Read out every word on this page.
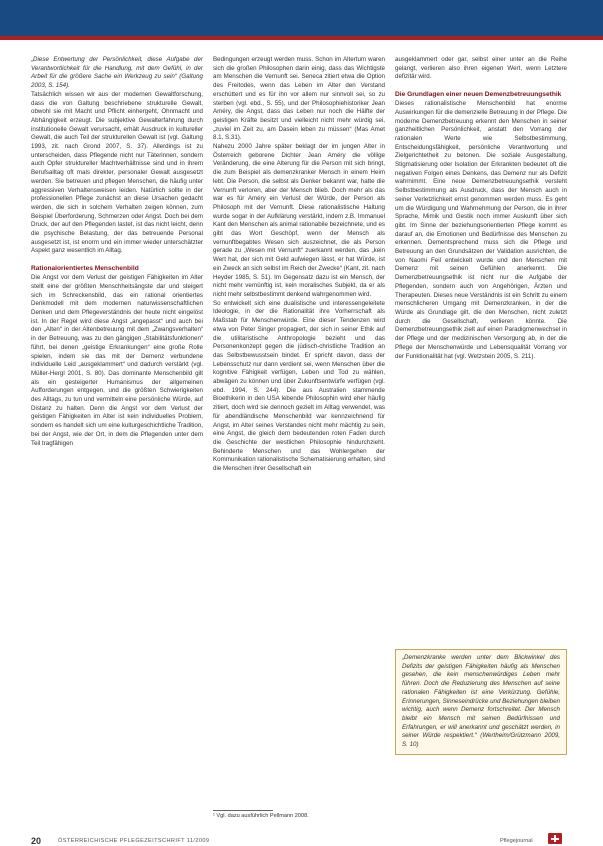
„Diese Entwertung der Persönlichkeit, diese Aufgabe der Verantwortlichkeit für die Handlung, mit dem Gefühl, in der Arbeit für die größere Sache ein Werkzeug zu sein“ (Galtung 2003, S. 154).

Tatsächlich wissen wir aus der modernen Gewaltforschung, dass die von Galtung beschriebene strukturelle Gewalt, obwohl sie mit Macht und Pflicht einhergeht, Ohnmacht und Abhängigkeit erzeugt. Die subjektive Gewalterfahrung durch institutionelle Gewalt verursacht, erhält Ausdruck in kultureller Gewalt, die auch Teil der strukturellen Gewalt ist (vgl. Galtung 1993, zit. nach Grond 2007, S. 37). Allerdings ist zu unterscheiden, dass Pflegende nicht nur Täterinnen, sondern auch Opfer struktureller Machtverhältnisse sind und in ihrem Berufsalltag oft mals direkter, personaler Gewalt ausgesetzt werden. Sie betreuen und pflegen Menschen, die häufig unter aggressiven Verhaltensweisen leiden. Natürlich sollte in der professionellen Pflege zunächst an diese Ursachen gedacht werden, die sich in solchem Verhalten zeigen können, zum Beispiel Überforderung, Schmerzen oder Angst. Doch bei dem Druck, der auf den Pflegenden lastet, ist das nicht leicht, denn die psychische Belastung, der das betreuende Personal ausgesetzt ist, ist enorm und ein immer wieder unterschätzter Aspekt ganz wesentlich im Alltag.

Rationalorientiertes Menschenbild

Die Angst vor dem Verlust der geistigen Fähigkeiten im Alter stellt eine der größten Menschheitsängste dar und steigert sich im Schreckensbild, das ein rational orientiertes Denkmodell mit dem modernen naturwissenschaftlichen Denken und dem Pflegeverständnis der heute nicht eingelöst ist. In der Regel wird diese Angst „angepasst“ und auch bei den „Alten“ in der Altenbetreuung mit dem „Zwangsverhalten“ in der Betreuung, was zu den gängigen „Stabilitätsfunktionen“ führt, bei denen „geistige Erkrankungen“ eine große Rolle spielen, indem sie das mit der Demenz verbundene individuelle Leid „ausgeklammert“ und dadurch verstärkt (vgl. Müller-Hergl 2001, S. 80). Das dominante Menschenbild gilt als ein gesteigerter Humanismus der allgemeinen Aufforderungen entgegen, und die größten Schwierigkeiten des Alltags, zu tun und vermitteln eine persönliche Würde, auf Distanz zu halten. Denn die Angst vor dem Verlust der geistigen Fähigkeiten im Alter ist kein individuelles Problem, sondern es handelt sich um eine kulturgeschichtliche Tradition, bei der Angst, wie der Ort, in dem die Pflegenden unter dem Teil tragfähigen

Bedingungen erzeugt werden muss. Schon im Altertum waren sich die großen Philosophen darin einig, dass das Wichtigste am Menschen die Vernunft sei. Seneca zitiert etwa die Option des Freitodes, wenn das Leben im Alter den Verstand erschüttert und es für ihn vor allem nur sinnvoll sei, so zu sterben (vgl. ebd., S. 55), und der Philosophiehistoriker Jean Améry, die Angst, dass das Leben nur noch die Hälfte der geistigen Kräfte besitzt und vielleicht nicht mehr würdig sei, „zuviel im Zeit zu, am Dasein leben zu müssen“ (Mas Amet 8.1, S.31).

Nahezu 2000 Jahre später beklagt der im jungen Alter in Österreich geborene Dichter Jean Améry die völlige Veränderung, die eine Alterung für die Person mit sich bringt, die zum Beispiel als demenzkranker Mensch in einem Heim lebt. Die Person, die selbst als Denker bekannt war, hatte die Vernunft verloren, aber der Mensch blieb. Doch mehr als das war es für Améry ein Verlust der Würde, der Person als Philosoph mit der Vernunft. Diese rationalistische Haltung wurde sogar in der Aufklärung verstärkt, indem z.B. Immanuel Kant den Menschen als animal rationabile bezeichnete, und es gibt das Wort Geschöpf, wenn der Mensch als vernunftbegabtes Wesen sich auszeichnet, die als Person gerade zu „Wesen mit Vernunft“ zuerkannt werden, das „kein Wert hat, der sich mit Geld aufwiegen lässt, er hat Würde, ist ein Zweck an sich selbst im Reich der Zwecke“ (Kant, zit. nach Heyder 1985, S. 51). Im Gegensatz dazu ist ein Mensch, der nicht mehr vernünftig ist, kein moralisches Subjekt, da er als nicht mehr selbstbestimmt denkend wahrgenommen wird.

So entwickelt sich eine dualistische und interessengeleitete Ideologie, in der die Rationalität ihre Vorherrschaft als Maßstab für Menschenwürde. Eine dieser Tendenzen wird etwa von Peter Singer propagiert, der sich in seiner Ethik auf die utilitaristische Anthropologie bezieht und das Personenkonzept gegen die jüdisch-christliche Tradition an das Selbstbewusstsein bindet. Er spricht davon, dass der Lebensschutz nur dann verdient sei, wenn Menschen über die kognitive Fähigkeit verfügen, Leben und Tod zu wählen, abwägen zu können und über Zukunftsentwürfe verfügen (vgl. ebd. 1994, S. 244). Die aus Australien stammende Bioethikerin in den USA lebende Philosophin wird eher häufig zitiert, doch wird sie dennoch gezielt im Alltag verwendet, was für abendländische Menschenbild war kennzeichnend für Angst, im Alter seines Verstandes nicht mehr mächtig zu sein, eine Angst, die gleich dem bedeutenden roten Faden durch die Geschichte der westlichen Philosophie hindurchzieht. Behinderte Menschen und das Wohlergehen der Kommunikation rationalistische Schematisierung erhalten, sind die Menschen ihrer Gesellschaft ein

ausgeklammert oder gar, selbst einer unter an die Reihe gelangt, verlieren also ihren eigenen Wert, wenn Letztere defizitär wird.

Die Grundlagen einer neuen Demenzbetreuungsethik

Dieses rationalistische Menschenbild hat enorme Auswirkungen für die demenzielle Betreuung in der Pflege. Die moderne Demenzbetreuung erkennt den Menschen in seiner ganzheitlichen Persönlichkeit, anstatt den Vorrang der rationalen Werte wie Selbstbestimmung, Entscheidungsfähigkeit, persönliche Verantwortung und Zielgerichtetheit zu betonen. Die soziale Ausgestaltung, Stigmatisierung oder Isolation der Erkrankten bedeutet oft die negativen Folgen eines Denkens, das Demenz nur als Defizit wahrnimmt. Eine neue Demenzbetreuungsethik versteht Selbstbestimmung als Ausdruck, dass der Mensch auch in seiner Verletzlichkeit ernst genommen werden muss. Es geht um die Würdigung und Wahrnehmung der Person, die in ihrer Sprache, Mimik und Gestik noch immer Auskunft über sich gibt. Im Sinne der beziehungsorientierten Pflege kommt es darauf an, die Emotionen und Bedürfnisse des Menschen zu erkennen. Dementsprechend muss sich die Pflege und Betreuung an den Grundsätzen der Validation ausrichten, die von Naomi Feil entwickelt wurde und den Menschen mit Demenz mit seinen Gefühlen anerkennt. Die Demenzbetreuungsethik ist nicht nur die Aufgabe der Pflegenden, sondern auch von Angehörigen, Ärzten und Therapeuten. Dieses neue Verständnis ist ein Schritt zu einem menschlicheren Umgang mit Demenzkranken, in der die Würde als Grundlage gilt, die den Menschen, nicht zuletzt durch die Gesellschaft, verlieren könnte. Die Demenzbetreuungsethik zielt auf einen Paradigmenwechsel in der Pflege und der medizinischen Versorgung ab, in der die Pflege der Menschenwürde und Lebensqualität Vorrang vor der Funktionalität hat (vgl. Wetzstein 2005, S. 211).

„Demenzkranke werden unter dem Blickwinkel des Defizits der geistigen Fähigkeiten häufig als Menschen gesehen, die kein menschenwürdiges Leben mehr führen. Doch die Reduzierung des Menschen auf seine rationalen Fähigkeiten ist eine Verkürzung. Gefühle, Erinnerungen, Sinneseindrücke und Beziehungen bleiben wichtig, auch wenn Demenz fortschreitet. Der Mensch bleibt ein Mensch mit seinen Bedürfnissen und Erfahrungen, er will anerkannt und geschätzt werden, in seiner Würde respektiert.“ (Wertheim/Grützmann 2009, S. 10)
¹ Vgl. dazu ausführlich Pellmann 2008.
20	ÖSTERREICHISCHE PFLEGEZEITSCHRIFT 11/2009	Pflegejournal
